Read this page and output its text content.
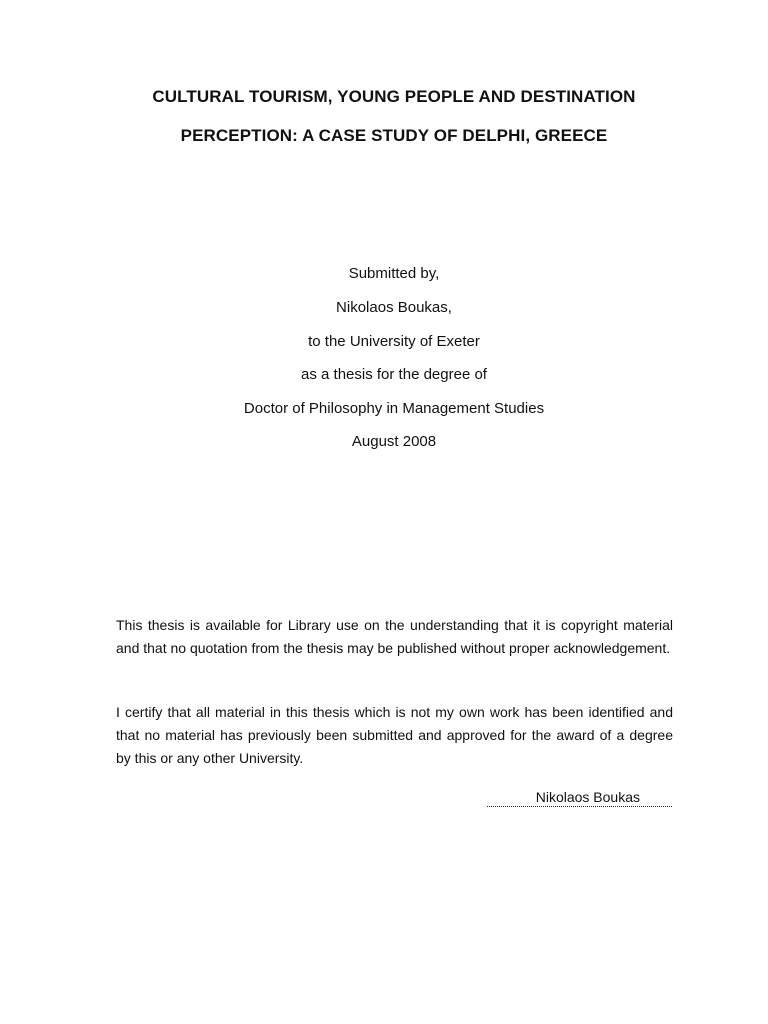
CULTURAL TOURISM, YOUNG PEOPLE AND DESTINATION
PERCEPTION: A CASE STUDY OF DELPHI, GREECE
Submitted by,
Nikolaos Boukas,
to the University of Exeter
as a thesis for the degree of
Doctor of Philosophy in Management Studies
August 2008
This thesis is available for Library use on the understanding that it is copyright material and that no quotation from the thesis may be published without proper acknowledgement.
I certify that all material in this thesis which is not my own work has been identified and that no material has previously been submitted and approved for the award of a degree by this or any other University.
Nikolaos Boukas
